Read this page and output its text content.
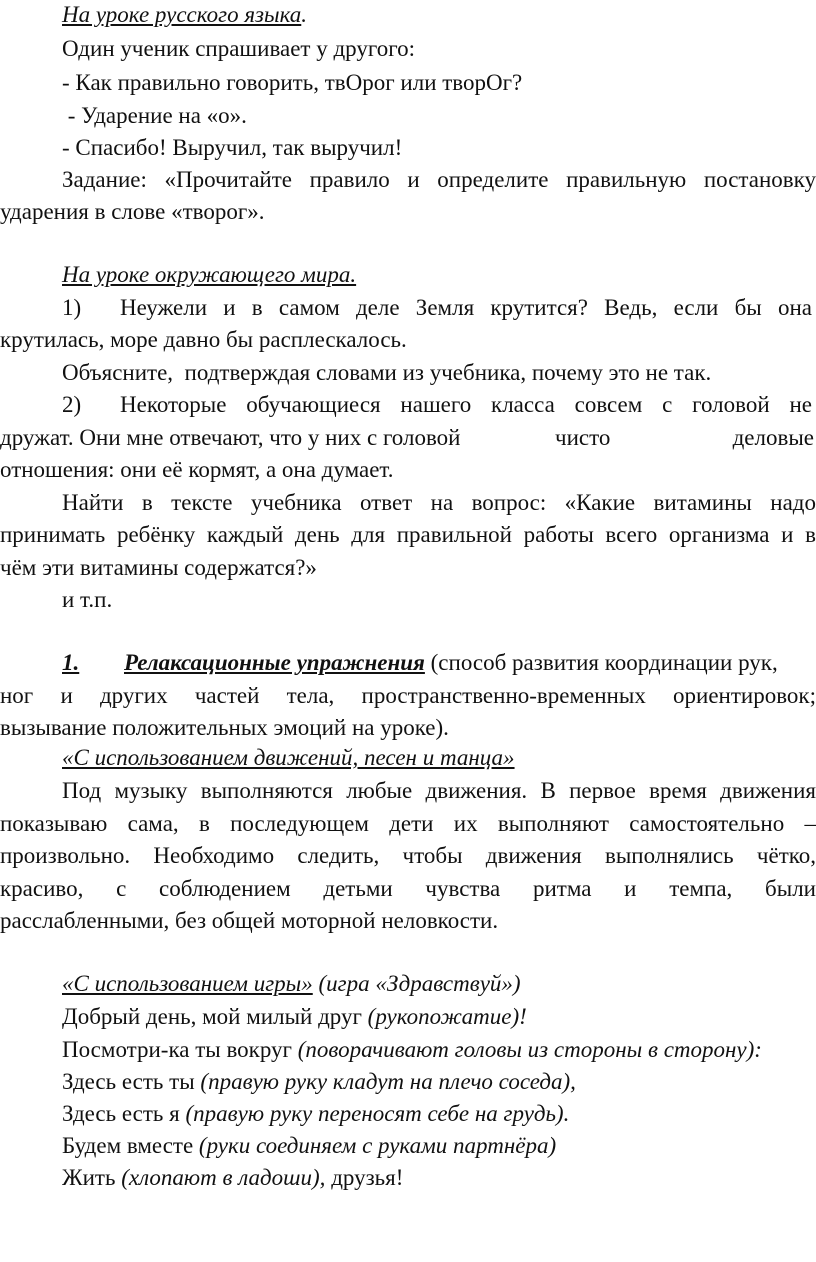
На уроке русского языка.
Один ученик спрашивает у другого:
- Как правильно говорить, твОрог или творОг?
- Ударение на «о».
- Спасибо! Выручил, так выручил!
Задание: «Прочитайте правило и определите правильную постановку
ударения в слове «творог».
На уроке окружающего мира.
1) Неужели и в самом деле Земля крутится? Ведь, если бы она
крутилась, море давно бы расплескалось.
Объясните,  подтверждая словами из учебника, почему это не так.
2) Некоторые обучающиеся нашего класса совсем с головой не
дружат. Они мне отвечают, что у них с головой	чисто	деловые
отношения: они её кормят, а она думает.
Найти в тексте учебника ответ на вопрос: «Какие витамины надо
принимать ребёнку каждый день для правильной работы всего организма и в
чём эти витамины содержатся?»
и т.п.
1. Релаксационные упражнения (способ развития координации рук,
ног и других частей тела, пространственно-временных ориентировок;
вызывание положительных эмоций на уроке).
«С использованием движений, песен и танца»
Под музыку выполняются любые движения. В первое время движения
показываю сама, в последующем дети их выполняют самостоятельно –
произвольно. Необходимо следить, чтобы движения выполнялись чётко,
красиво, с соблюдением детьми чувства ритма и темпа, были
расслабленными, без общей моторной неловкости.
«С использованием игры» (игра «Здравствуй»)
Добрый день, мой милый друг (рукопожатие)!
Посмотри-ка ты вокруг (поворачивают головы из стороны в сторону):
Здесь есть ты (правую руку кладут на плечо соседа),
Здесь есть я (правую руку переносят себе на грудь).
Будем вместе (руки соединяем с руками партнёра)
Жить (хлопают в ладоши), друзья!
